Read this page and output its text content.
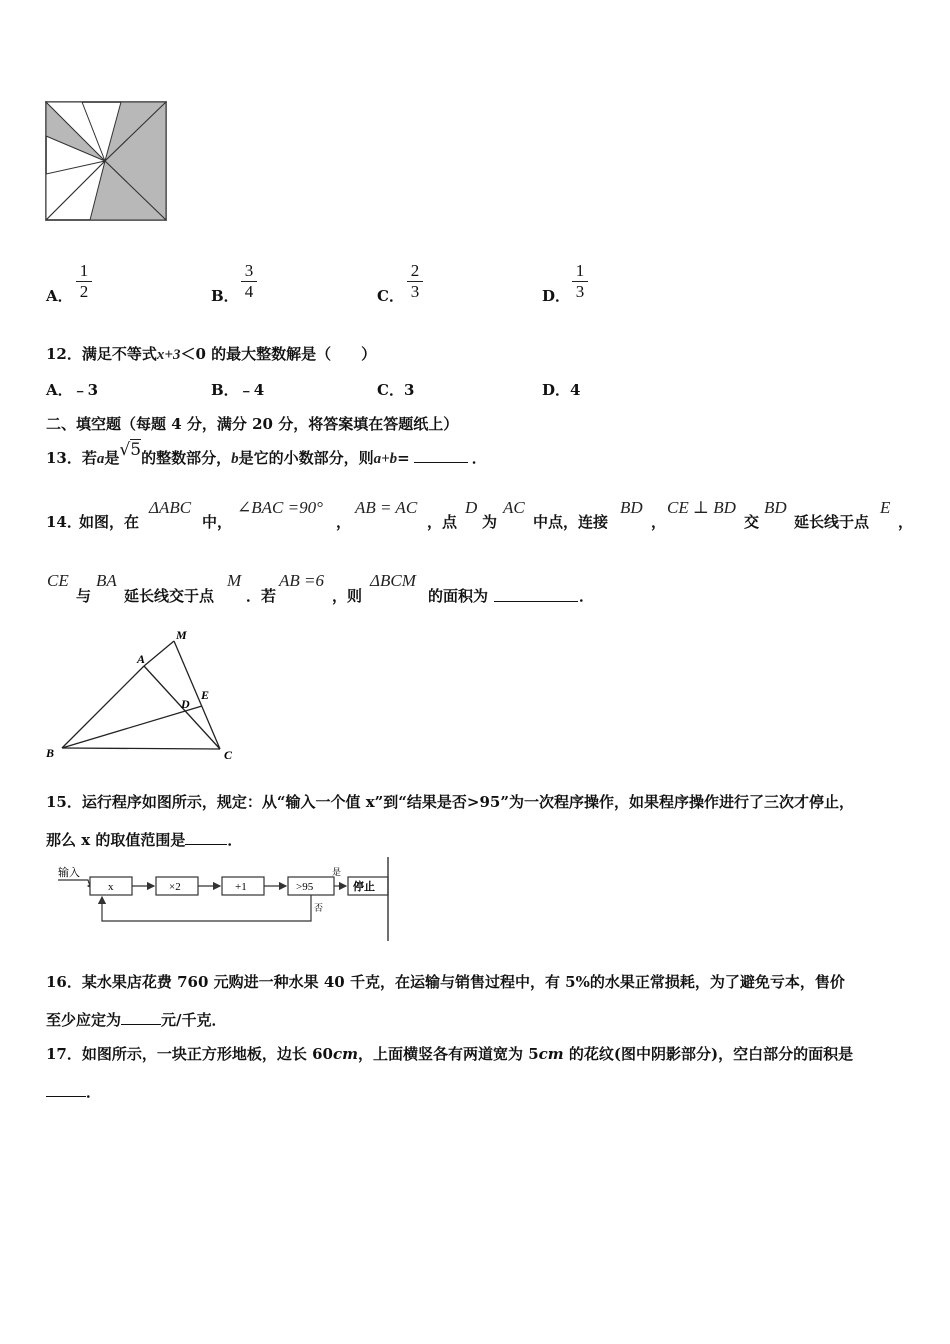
A．
1
2	B．
3
4	C．
2
3	D．
1
3
12．满足不等式x+3＜0 的最大整数解是（　　）
A．﹣3	B．﹣4	C．3	D．4
二、填空题（每题 4 分，满分 20 分，将答案填在答题纸上）
13．若a是√5的整数部分，b是它的小数部分，则a+b=	．
14．
如图，在
ΔABC
中，
∠BAC =90°
，
AB = AC
，点
D
为
AC
中点，连接
BD
，
CE ⊥ BD
交
BD
延长线于点
E
，
CE
与
BA
延长线交于点
M
．若
AB =6
，则
ΔBCM
的面积为	．
M
A
E
D
B	C
15．运行程序如图所示，规定：从“输入一个值 x”到“结果是否>95”为一次程序操作，如果程序操作进行了三次才停止，
那么 x 的取值范围是	．
输入
x	×2	+1	>95
是
停止
否
16．某水果店花费 760 元购进一种水果 40 千克，在运输与销售过程中，有 5%的水果正常损耗，为了避免亏本，售价
至少应定为	元/千克．
17．如图所示，一块正方形地板，边长 60cm，上面横竖各有两道宽为 5cm 的花纹(图中阴影部分)，空白部分的面积是
．
